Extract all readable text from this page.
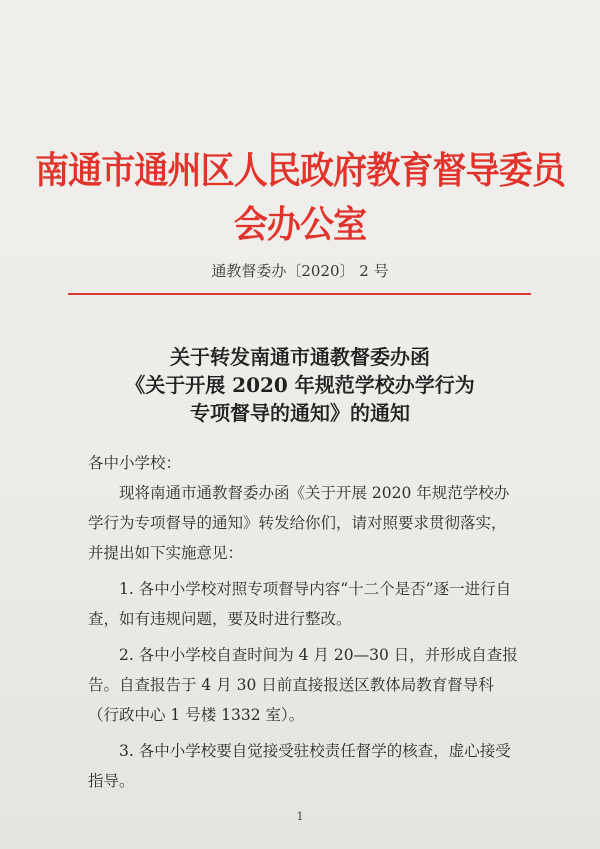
南通市通州区人民政府教育督导委员会办公室
通教督委办〔2020〕 2 号
关于转发南通市通教督委办函
《关于开展 2020 年规范学校办学行为
专项督导的通知》的通知

各中小学校：

现将南通市通教督委办函《关于开展 2020 年规范学校办学行为专项督导的通知》转发给你们，请对照要求贯彻落实，并提出如下实施意见：

1. 各中小学校对照专项督导内容“十二个是否”逐一进行自查，如有违规问题，要及时进行整改。

2. 各中小学校自查时间为 4 月 20—30 日，并形成自查报告。自查报告于 4 月 30 日前直接报送区教体局教育督导科（行政中心 1 号楼 1332 室）。

3. 各中小学校要自觉接受驻校责任督学的核查，虚心接受指导。

1
